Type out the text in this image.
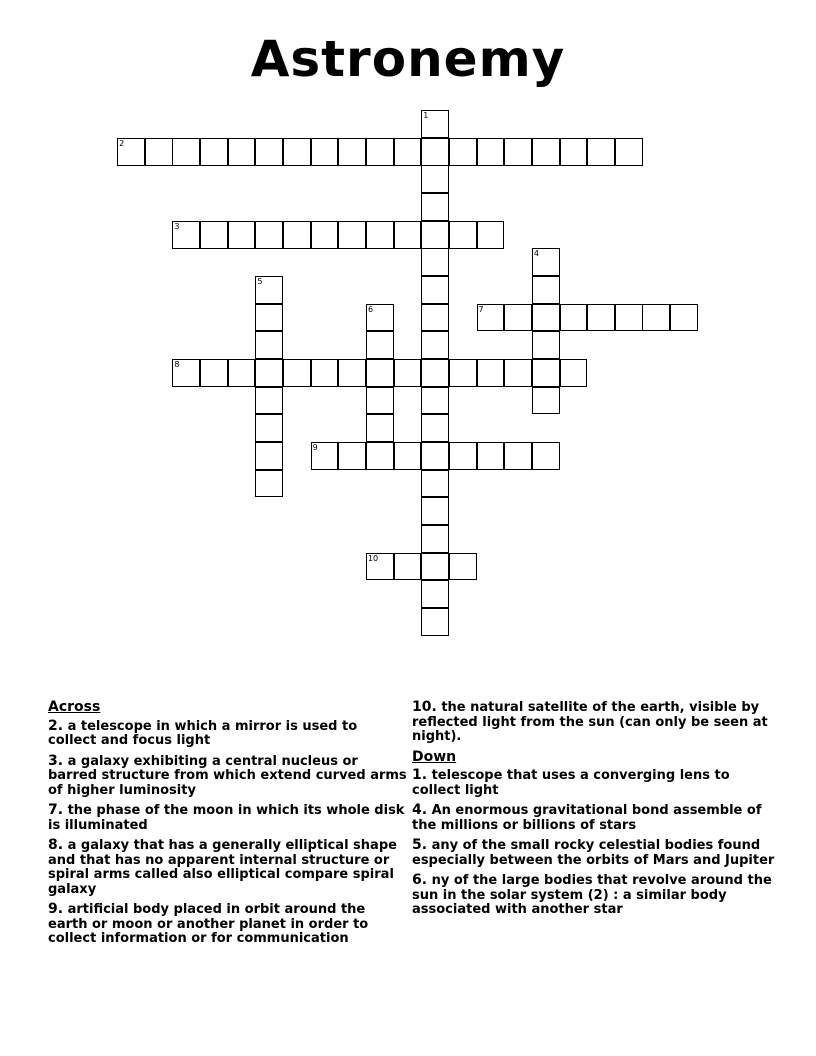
Astronemy
1
2
3
4
5
6	7
8
9
10
Across
2. a telescope in which a mirror is used to collect and focus light
3. a galaxy exhibiting a central nucleus or barred structure from which extend curved arms of higher luminosity
7. the phase of the moon in which its whole disk is illuminated
8. a galaxy that has a generally elliptical shape and that has no apparent internal structure or spiral arms called also elliptical compare spiral galaxy
9. artificial body placed in orbit around the earth or moon or another planet in order to collect information or for communication
10. the natural satellite of the earth, visible by reflected light from the sun (can only be seen at night).
Down
1. telescope that uses a converging lens to collect light
4. An enormous gravitational bond assemble of the millions or billions of stars
5. any of the small rocky celestial bodies found especially between the orbits of Mars and Jupiter
6. ny of the large bodies that revolve around the sun in the solar system (2) : a similar body associated with another star
